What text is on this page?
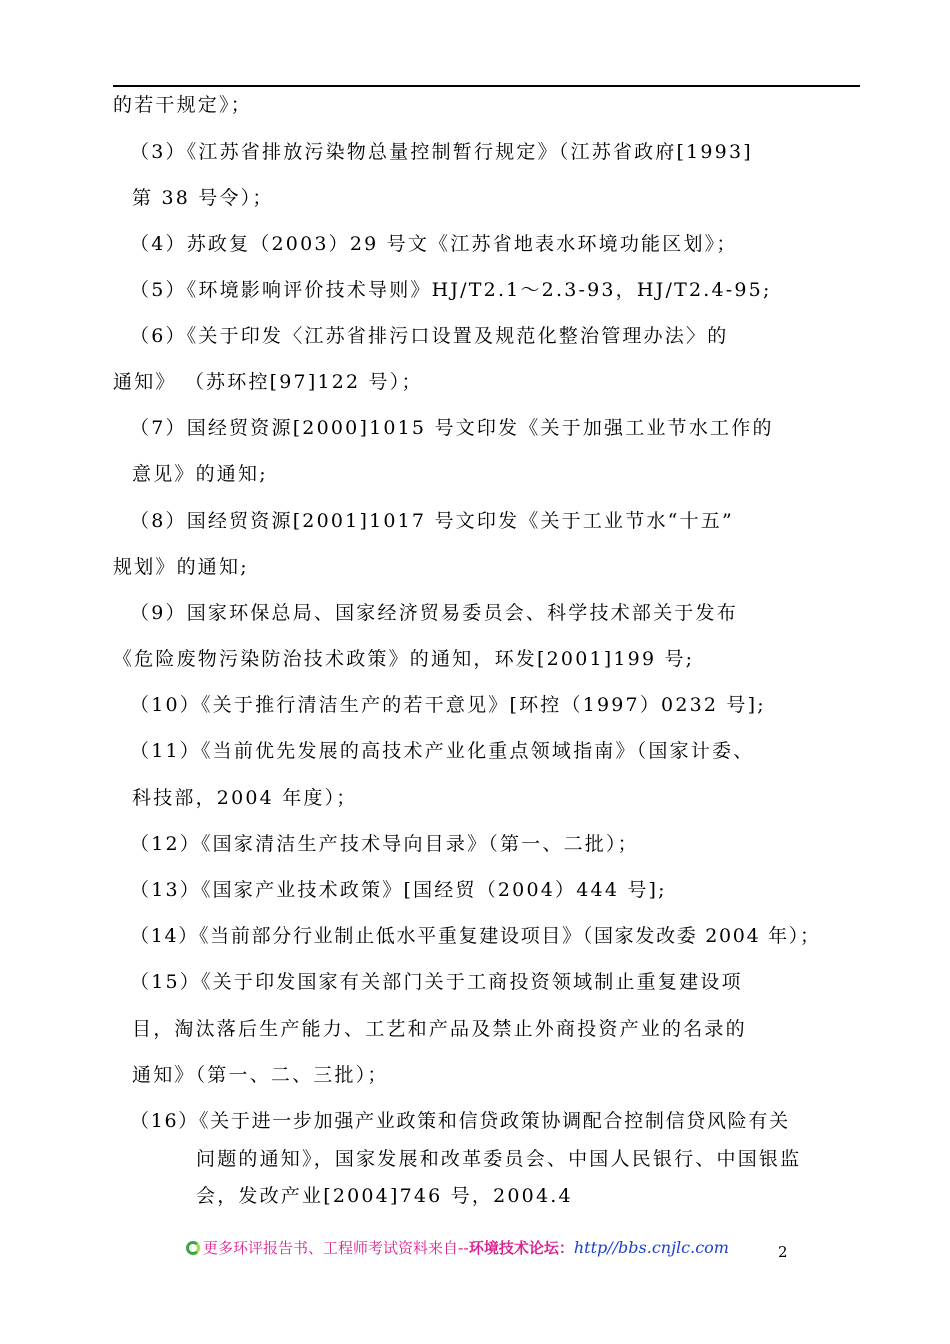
的若干规定》；
（3）《江苏省排放污染物总量控制暂行规定》（江苏省政府[1993]
第 38 号令）；
（4）苏政复（2003）29 号文《江苏省地表水环境功能区划》；
（5）《环境影响评价技术导则》HJ/T2.1～2.3-93，HJ/T2.4-95;
（6）《关于印发〈江苏省排污口设置及规范化整治管理办法〉的
通知》 （苏环控[97]122 号）；
（7）国经贸资源[2000]1015 号文印发《关于加强工业节水工作的
意见》的通知;
（8）国经贸资源[2001]1017 号文印发《关于工业节水“十五”
规划》的通知;
（9）国家环保总局、国家经济贸易委员会、科学技术部关于发布
《危险废物污染防治技术政策》的通知，环发[2001]199 号;
（10）《关于推行清洁生产的若干意见》[环控（1997）0232 号];
（11）《当前优先发展的高技术产业化重点领域指南》（国家计委、
科技部，2004 年度）；
（12）《国家清洁生产技术导向目录》（第一、二批）；
（13）《国家产业技术政策》[国经贸（2004）444 号];
（14）《当前部分行业制止低水平重复建设项目》（国家发改委 2004 年）；
（15）《关于印发国家有关部门关于工商投资领域制止重复建设项
目，淘汰落后生产能力、工艺和产品及禁止外商投资产业的名录的
通知》（第一、二、三批）；
（16）《关于进一步加强产业政策和信贷政策协调配合控制信贷风险有关
问题的通知》，国家发展和改革委员会、中国人民银行、中国银监
会，发改产业[2004]746 号，2004.4
更多环评报告书、工程师考试资料来自--环境技术论坛：http//bbs.cnjlc.com	2
